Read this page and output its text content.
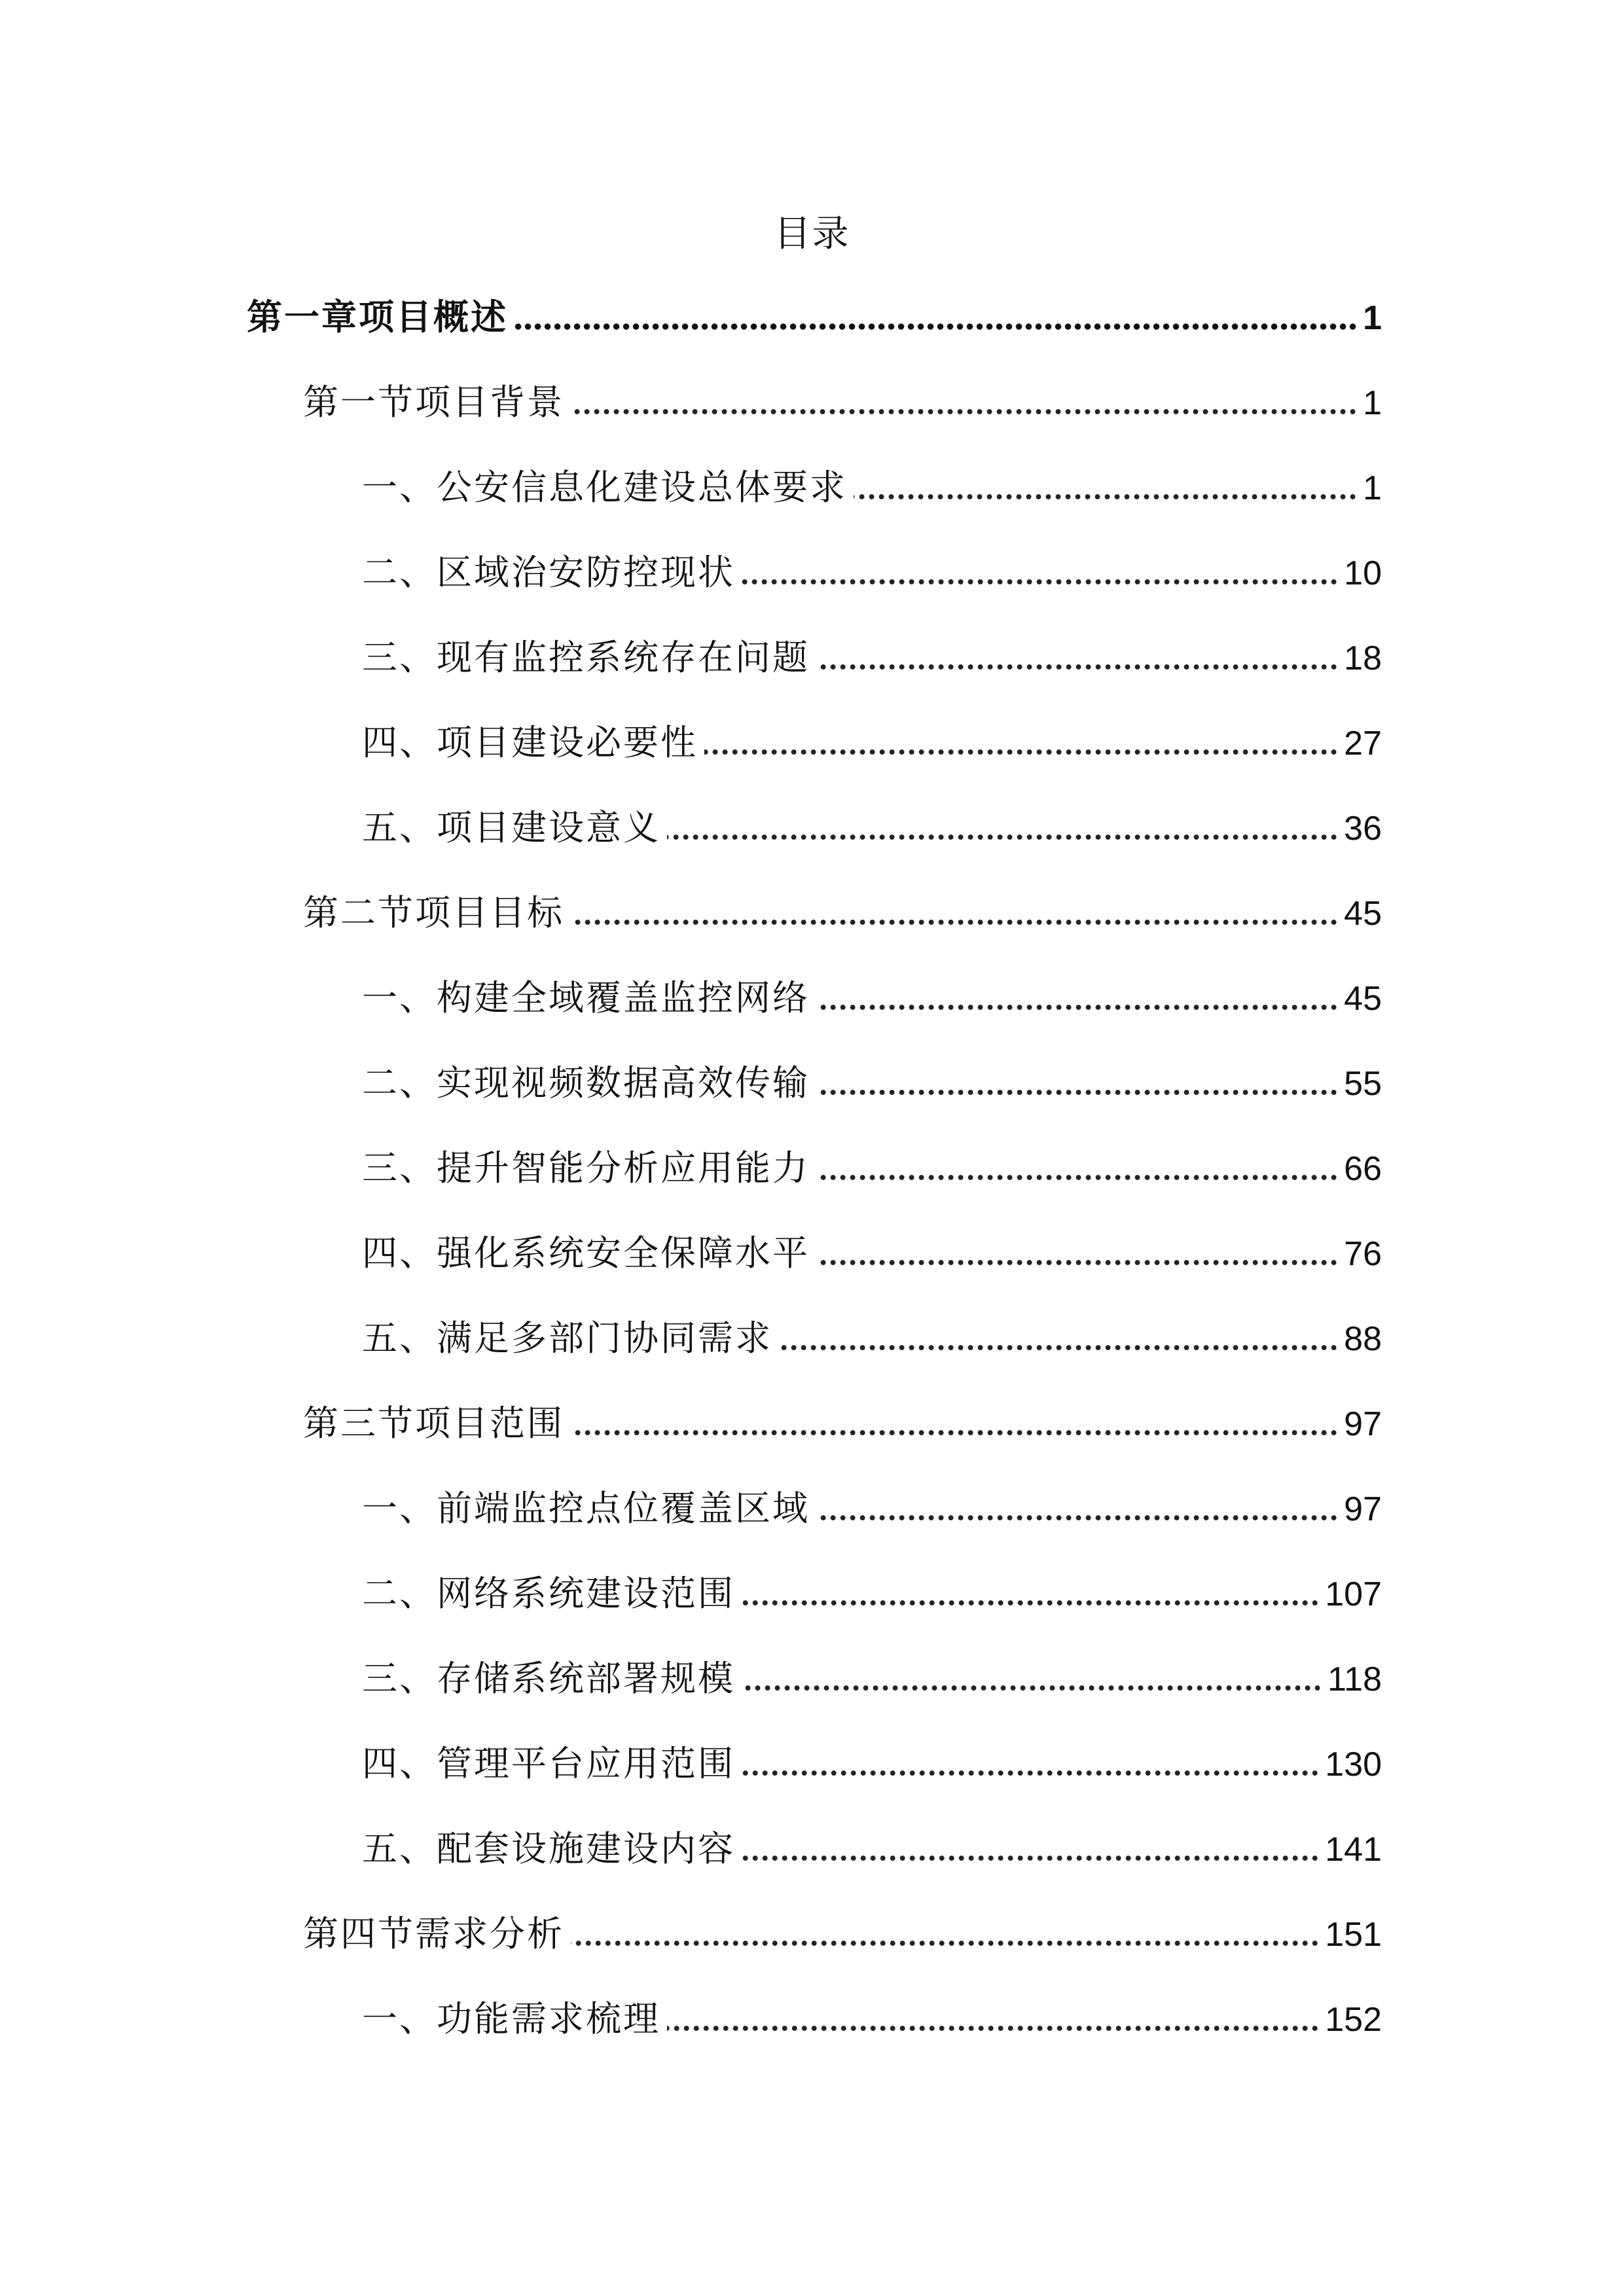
目录
第一章项目概述	1
第一节项目背景	1
一、公安信息化建设总体要求	1
二、区域治安防控现状	10
三、现有监控系统存在问题	18
四、项目建设必要性	27
五、项目建设意义	36
第二节项目目标	45
一、构建全域覆盖监控网络	45
二、实现视频数据高效传输	55
三、提升智能分析应用能力	66
四、强化系统安全保障水平	76
五、满足多部门协同需求	88
第三节项目范围	97
一、前端监控点位覆盖区域	97
二、网络系统建设范围	107
三、存储系统部署规模	118
四、管理平台应用范围	130
五、配套设施建设内容	141
第四节需求分析	151
一、功能需求梳理	152
